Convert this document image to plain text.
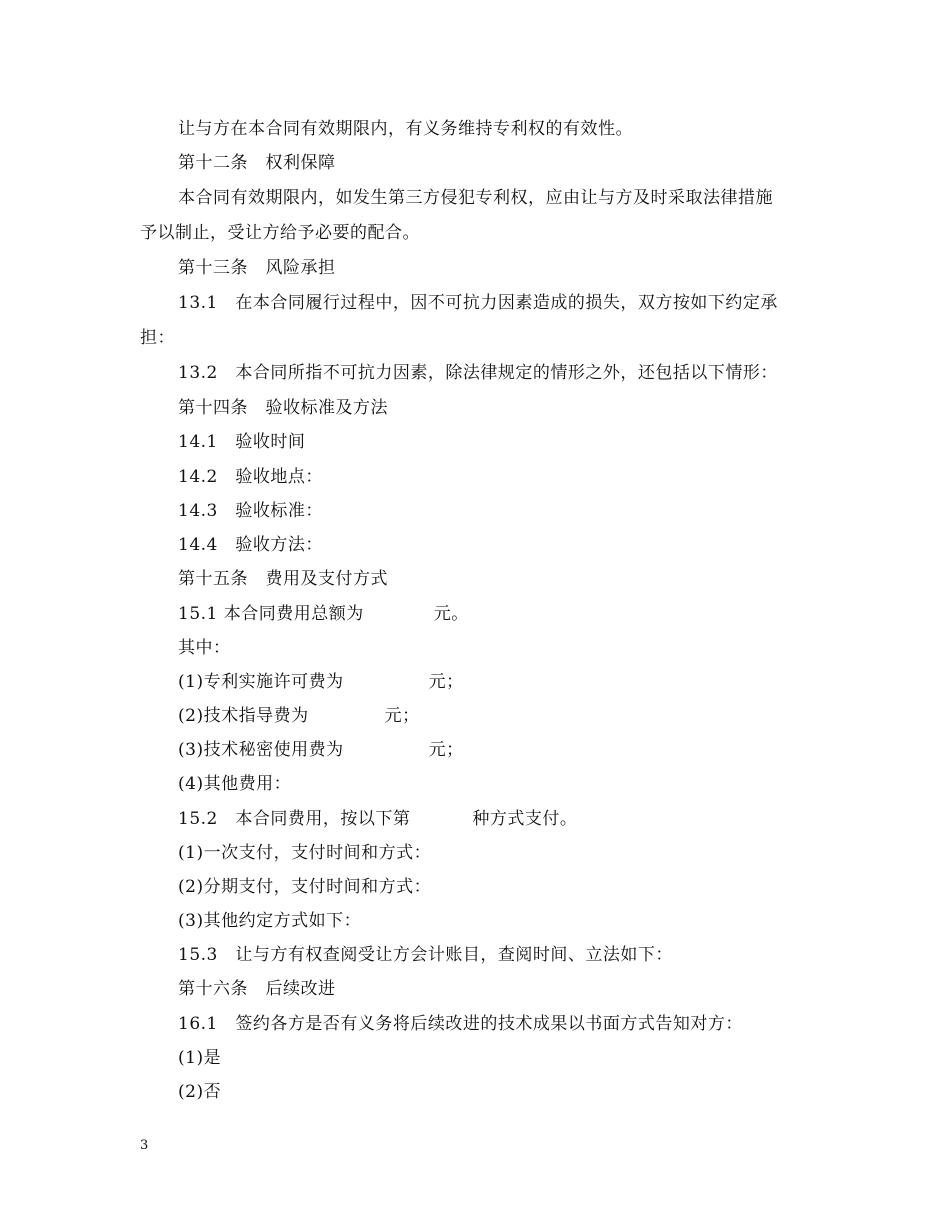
让与方在本合同有效期限内，有义务维持专利权的有效性。
第十二条　权利保障
本合同有效期限内，如发生第三方侵犯专利权，应由让与方及时采取法律措施
予以制止，受让方给予必要的配合。
第十三条　风险承担
13.1　在本合同履行过程中，因不可抗力因素造成的损失，双方按如下约定承
担：
13.2　本合同所指不可抗力因素，除法律规定的情形之外，还包括以下情形：
第十四条　验收标准及方法
14.1　验收时间
14.2　验收地点：
14.3　验收标准：
14.4　验收方法：
第十五条　费用及支付方式
15.1 本合同费用总额为	元。
其中：
(1)专利实施许可费为	元；
(2)技术指导费为	元；
(3)技术秘密使用费为	元；
(4)其他费用：
15.2　本合同费用，按以下第	种方式支付。
(1)一次支付，支付时间和方式：
(2)分期支付，支付时间和方式：
(3)其他约定方式如下：
15.3　让与方有权查阅受让方会计账目，查阅时间、立法如下：
第十六条　后续改进
16.1　签约各方是否有义务将后续改进的技术成果以书面方式告知对方：
(1)是
(2)否
3
